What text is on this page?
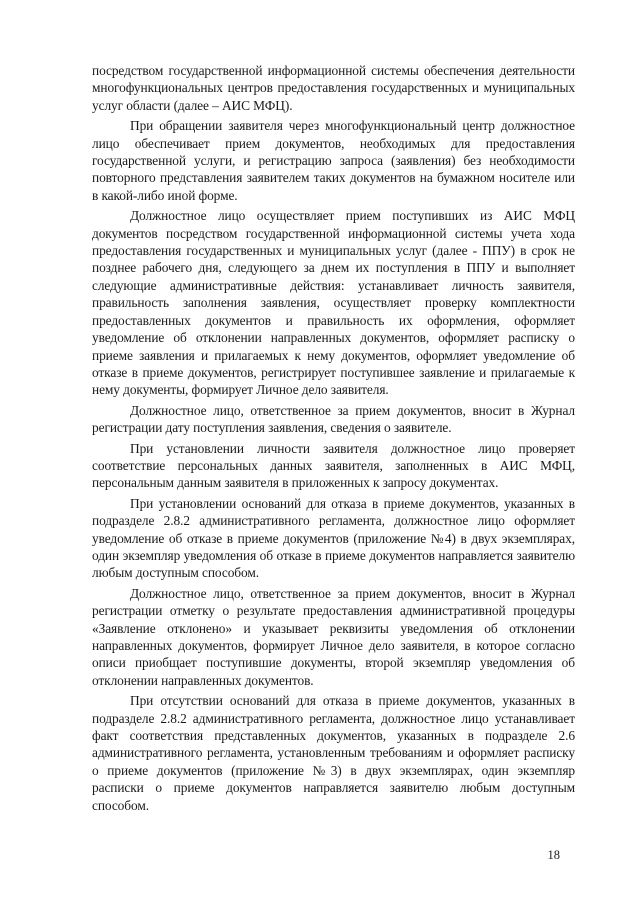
посредством государственной информационной системы обеспечения деятельности многофункциональных центров предоставления государственных и муниципальных услуг области (далее – АИС МФЦ).

При обращении заявителя через многофункциональный центр должностное лицо обеспечивает прием документов, необходимых для предоставления государственной услуги, и регистрацию запроса (заявления) без необходимости повторного представления заявителем таких документов на бумажном носителе или в какой-либо иной форме.

Должностное лицо осуществляет прием поступивших из АИС МФЦ документов посредством государственной информационной системы учета хода предоставления государственных и муниципальных услуг (далее - ППУ) в срок не позднее рабочего дня, следующего за днем их поступления в ППУ и выполняет следующие административные действия: устанавливает личность заявителя, правильность заполнения заявления, осуществляет проверку комплектности предоставленных документов и правильность их оформления, оформляет уведомление об отклонении направленных документов, оформляет расписку о приеме заявления и прилагаемых к нему документов, оформляет уведомление об отказе в приеме документов, регистрирует поступившее заявление и прилагаемые к нему документы, формирует Личное дело заявителя.

Должностное лицо, ответственное за прием документов, вносит в Журнал регистрации дату поступления заявления, сведения о заявителе.

При установлении личности заявителя должностное лицо проверяет соответствие персональных данных заявителя, заполненных в АИС МФЦ, персональным данным заявителя в приложенных к запросу документах.

При установлении оснований для отказа в приеме документов, указанных в подразделе 2.8.2 административного регламента, должностное лицо оформляет уведомление об отказе в приеме документов (приложение №4) в двух экземплярах, один экземпляр уведомления об отказе в приеме документов направляется заявителю любым доступным способом.

Должностное лицо, ответственное за прием документов, вносит в Журнал регистрации отметку о результате предоставления административной процедуры «Заявление отклонено» и указывает реквизиты уведомления об отклонении направленных документов, формирует Личное дело заявителя, в которое согласно описи приобщает поступившие документы, второй экземпляр уведомления об отклонении направленных документов.

При отсутствии оснований для отказа в приеме документов, указанных в подразделе 2.8.2 административного регламента, должностное лицо устанавливает факт соответствия представленных документов, указанных в подразделе 2.6 административного регламента, установленным требованиям и оформляет расписку о приеме документов (приложение №3) в двух экземплярах, один экземпляр расписки о приеме документов направляется заявителю любым доступным способом.

18
